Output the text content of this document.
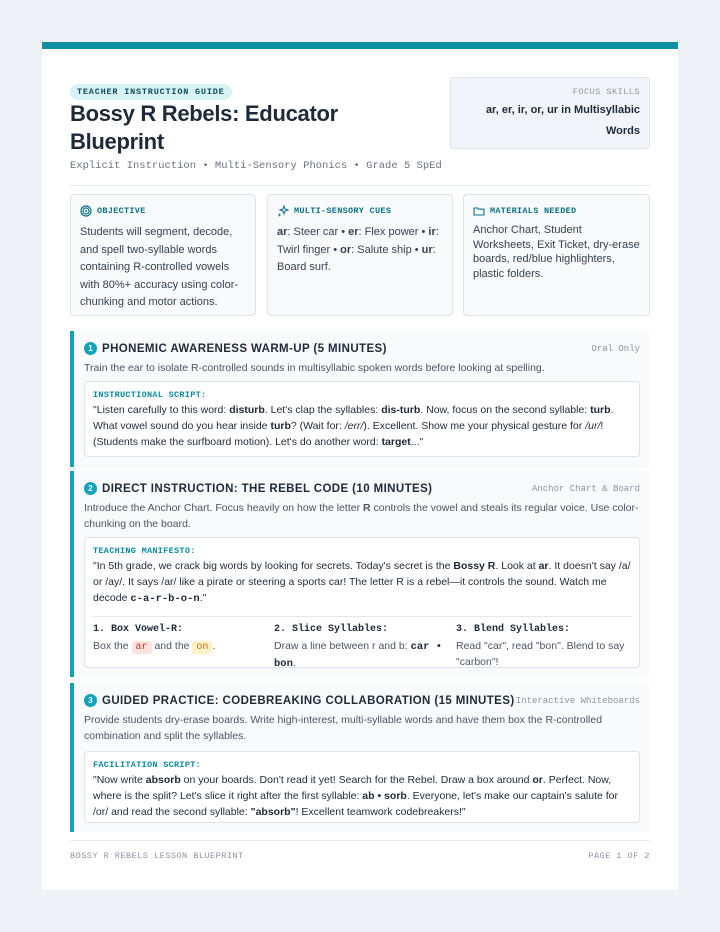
TEACHER INSTRUCTION GUIDE
Bossy R Rebels: Educator Blueprint
Explicit Instruction • Multi-Sensory Phonics • Grade 5 SpEd
FOCUS SKILLS
ar, er, ir, or, ur in Multisyllabic Words
OBJECTIVE
Students will segment, decode, and spell two-syllable words containing R-controlled vowels with 80%+ accuracy using color-chunking and motor actions.
MULTI-SENSORY CUES
ar: Steer car • er: Flex power • ir: Twirl finger • or: Salute ship • ur: Board surf.
MATERIALS NEEDED
Anchor Chart, Student Worksheets, Exit Ticket, dry-erase boards, red/blue highlighters, plastic folders.
1 PHONEMIC AWARENESS WARM-UP (5 MINUTES)	Oral Only
Train the ear to isolate R-controlled sounds in multisyllabic spoken words before looking at spelling.
INSTRUCTIONAL SCRIPT:
"Listen carefully to this word: disturb. Let's clap the syllables: dis-turb. Now, focus on the second syllable: turb. What vowel sound do you hear inside turb? (Wait for: /err/). Excellent. Show me your physical gesture for /ur/! (Students make the surfboard motion). Let's do another word: target..."
2 DIRECT INSTRUCTION: THE REBEL CODE (10 MINUTES)	Anchor Chart & Board
Introduce the Anchor Chart. Focus heavily on how the letter R controls the vowel and steals its regular voice. Use color-chunking on the board.
TEACHING MANIFESTO:
"In 5th grade, we crack big words by looking for secrets. Today's secret is the Bossy R. Look at ar. It doesn't say /a/ or /ay/. It says /ar/ like a pirate or steering a sports car! The letter R is a rebel—it controls the sound. Watch me decode c-a-r-b-o-n."
1. Box Vowel-R:
Box the ar and the on .
2. Slice Syllables:
Draw a line between r and b: car • bon.
3. Blend Syllables:
Read "car", read "bon". Blend to say "carbon"!
3 GUIDED PRACTICE: CODEBREAKING COLLABORATION (15 MINUTES) Interactive Whiteboards
Provide students dry-erase boards. Write high-interest, multi-syllable words and have them box the R-controlled combination and split the syllables.
FACILITATION SCRIPT:
"Now write absorb on your boards. Don't read it yet! Search for the Rebel. Draw a box around or. Perfect. Now, where is the split? Let's slice it right after the first syllable: ab • sorb. Everyone, let's make our captain's salute for /or/ and read the second syllable: "absorb"! Excellent teamwork codebreakers!"
BOSSY R REBELS LESSON BLUEPRINT	PAGE 1 OF 2
